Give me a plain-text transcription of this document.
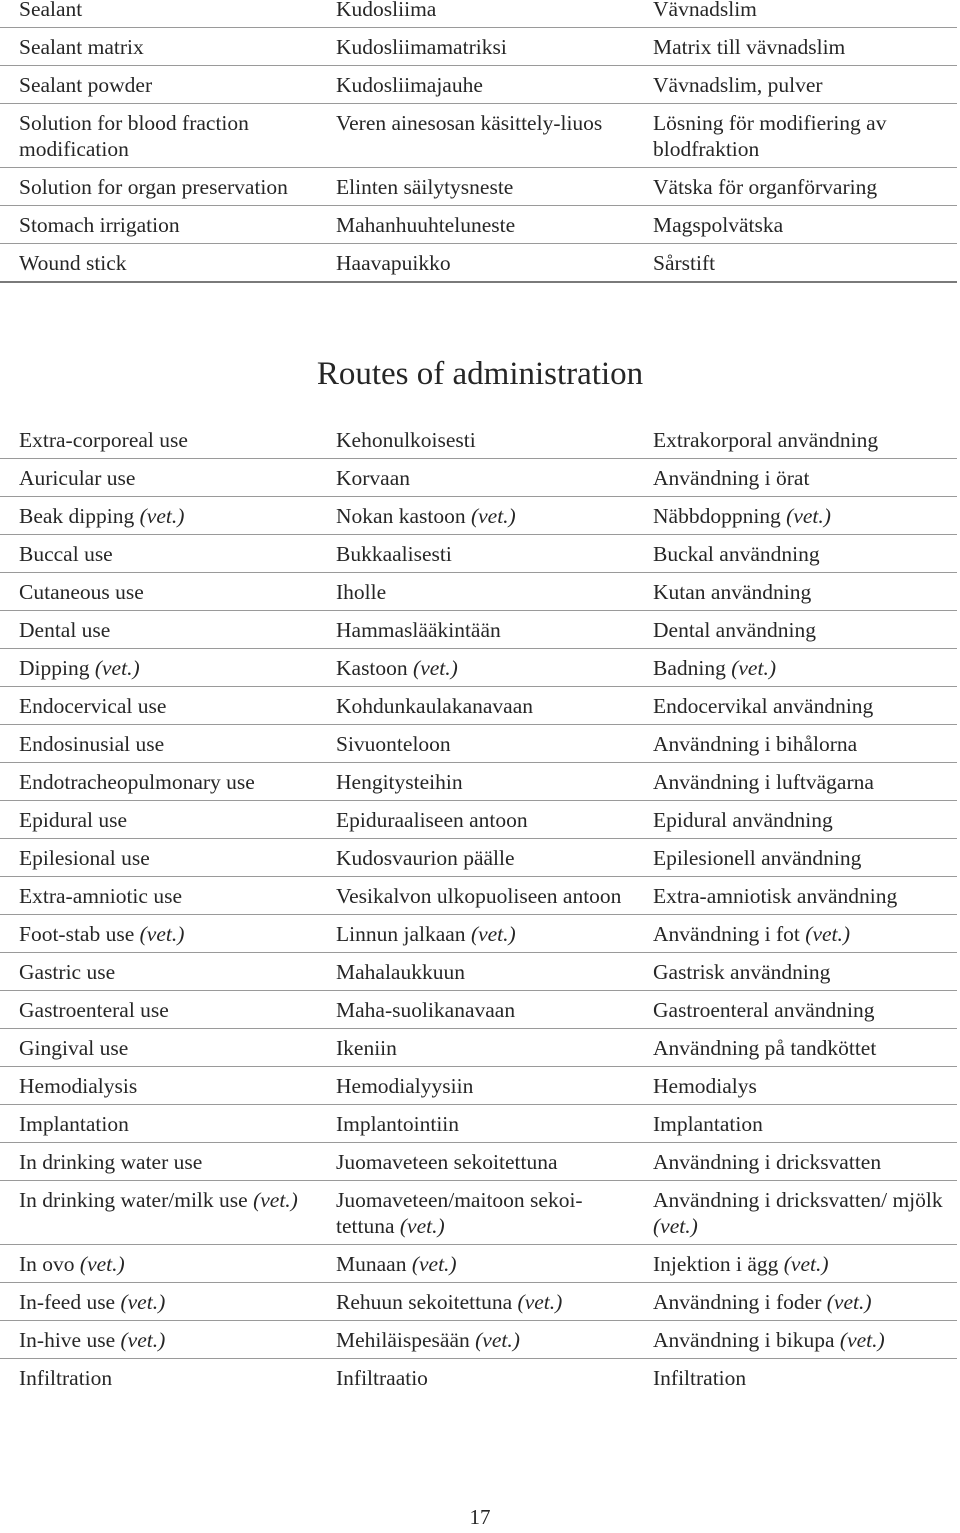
Sealant	Kudosliima	Vävnadslim
Sealant matrix	Kudosliimamatriksi	Matrix till vävnadslim
Sealant powder	Kudosliimajauhe	Vävnadslim, pulver
Solution for blood fraction modification	Veren ainesosan käsittely-liuos	Lösning för modifiering av blodfraktion
Solution for organ preservation	Elinten säilytysneste	Vätska för organförvaring
Stomach irrigation	Mahanhuuhteluneste	Magspolvätska
Wound stick	Haavapuikko	Sårstift
Routes of administration
Extra-corporeal use	Kehonulkoisesti	Extrakorporal användning
Auricular use	Korvaan	Användning i örat
Beak dipping (vet.)	Nokan kastoon (vet.)	Näbbdoppning (vet.)
Buccal use	Bukkaalisesti	Buckal användning
Cutaneous use	Iholle	Kutan användning
Dental use	Hammaslääkintään	Dental användning
Dipping (vet.)	Kastoon (vet.)	Badning (vet.)
Endocervical use	Kohdunkaulakanavaan	Endocervikal användning
Endosinusial use	Sivuonteloon	Användning i bihålorna
Endotracheopulmonary use	Hengitysteihin	Användning i luftvägarna
Epidural use	Epiduraaliseen antoon	Epidural användning
Epilesional use	Kudosvaurion päälle	Epilesionell användning
Extra-amniotic use	Vesikalvon ulkopuoliseen antoon	Extra-amniotisk användning
Foot-stab use (vet.)	Linnun jalkaan (vet.)	Användning i fot (vet.)
Gastric use	Mahalaukkuun	Gastrisk användning
Gastroenteral use	Maha-suolikanavaan	Gastroenteral användning
Gingival use	Ikeniin	Användning på tandköttet
Hemodialysis	Hemodialyysiin	Hemodialys
Implantation	Implantointiin	Implantation
In drinking water use	Juomaveteen sekoitettuna	Användning i dricksvatten
In drinking water/milk use (vet.)	Juomaveteen/maitoon sekoi-tettuna (vet.)	Användning i dricksvatten/ mjölk (vet.)
In ovo (vet.)	Munaan (vet.)	Injektion i ägg (vet.)
In-feed use (vet.)	Rehuun sekoitettuna (vet.)	Användning i foder (vet.)
In-hive use (vet.)	Mehiläispesään (vet.)	Användning i bikupa (vet.)
Infiltration	Infiltraatio	Infiltration
17
